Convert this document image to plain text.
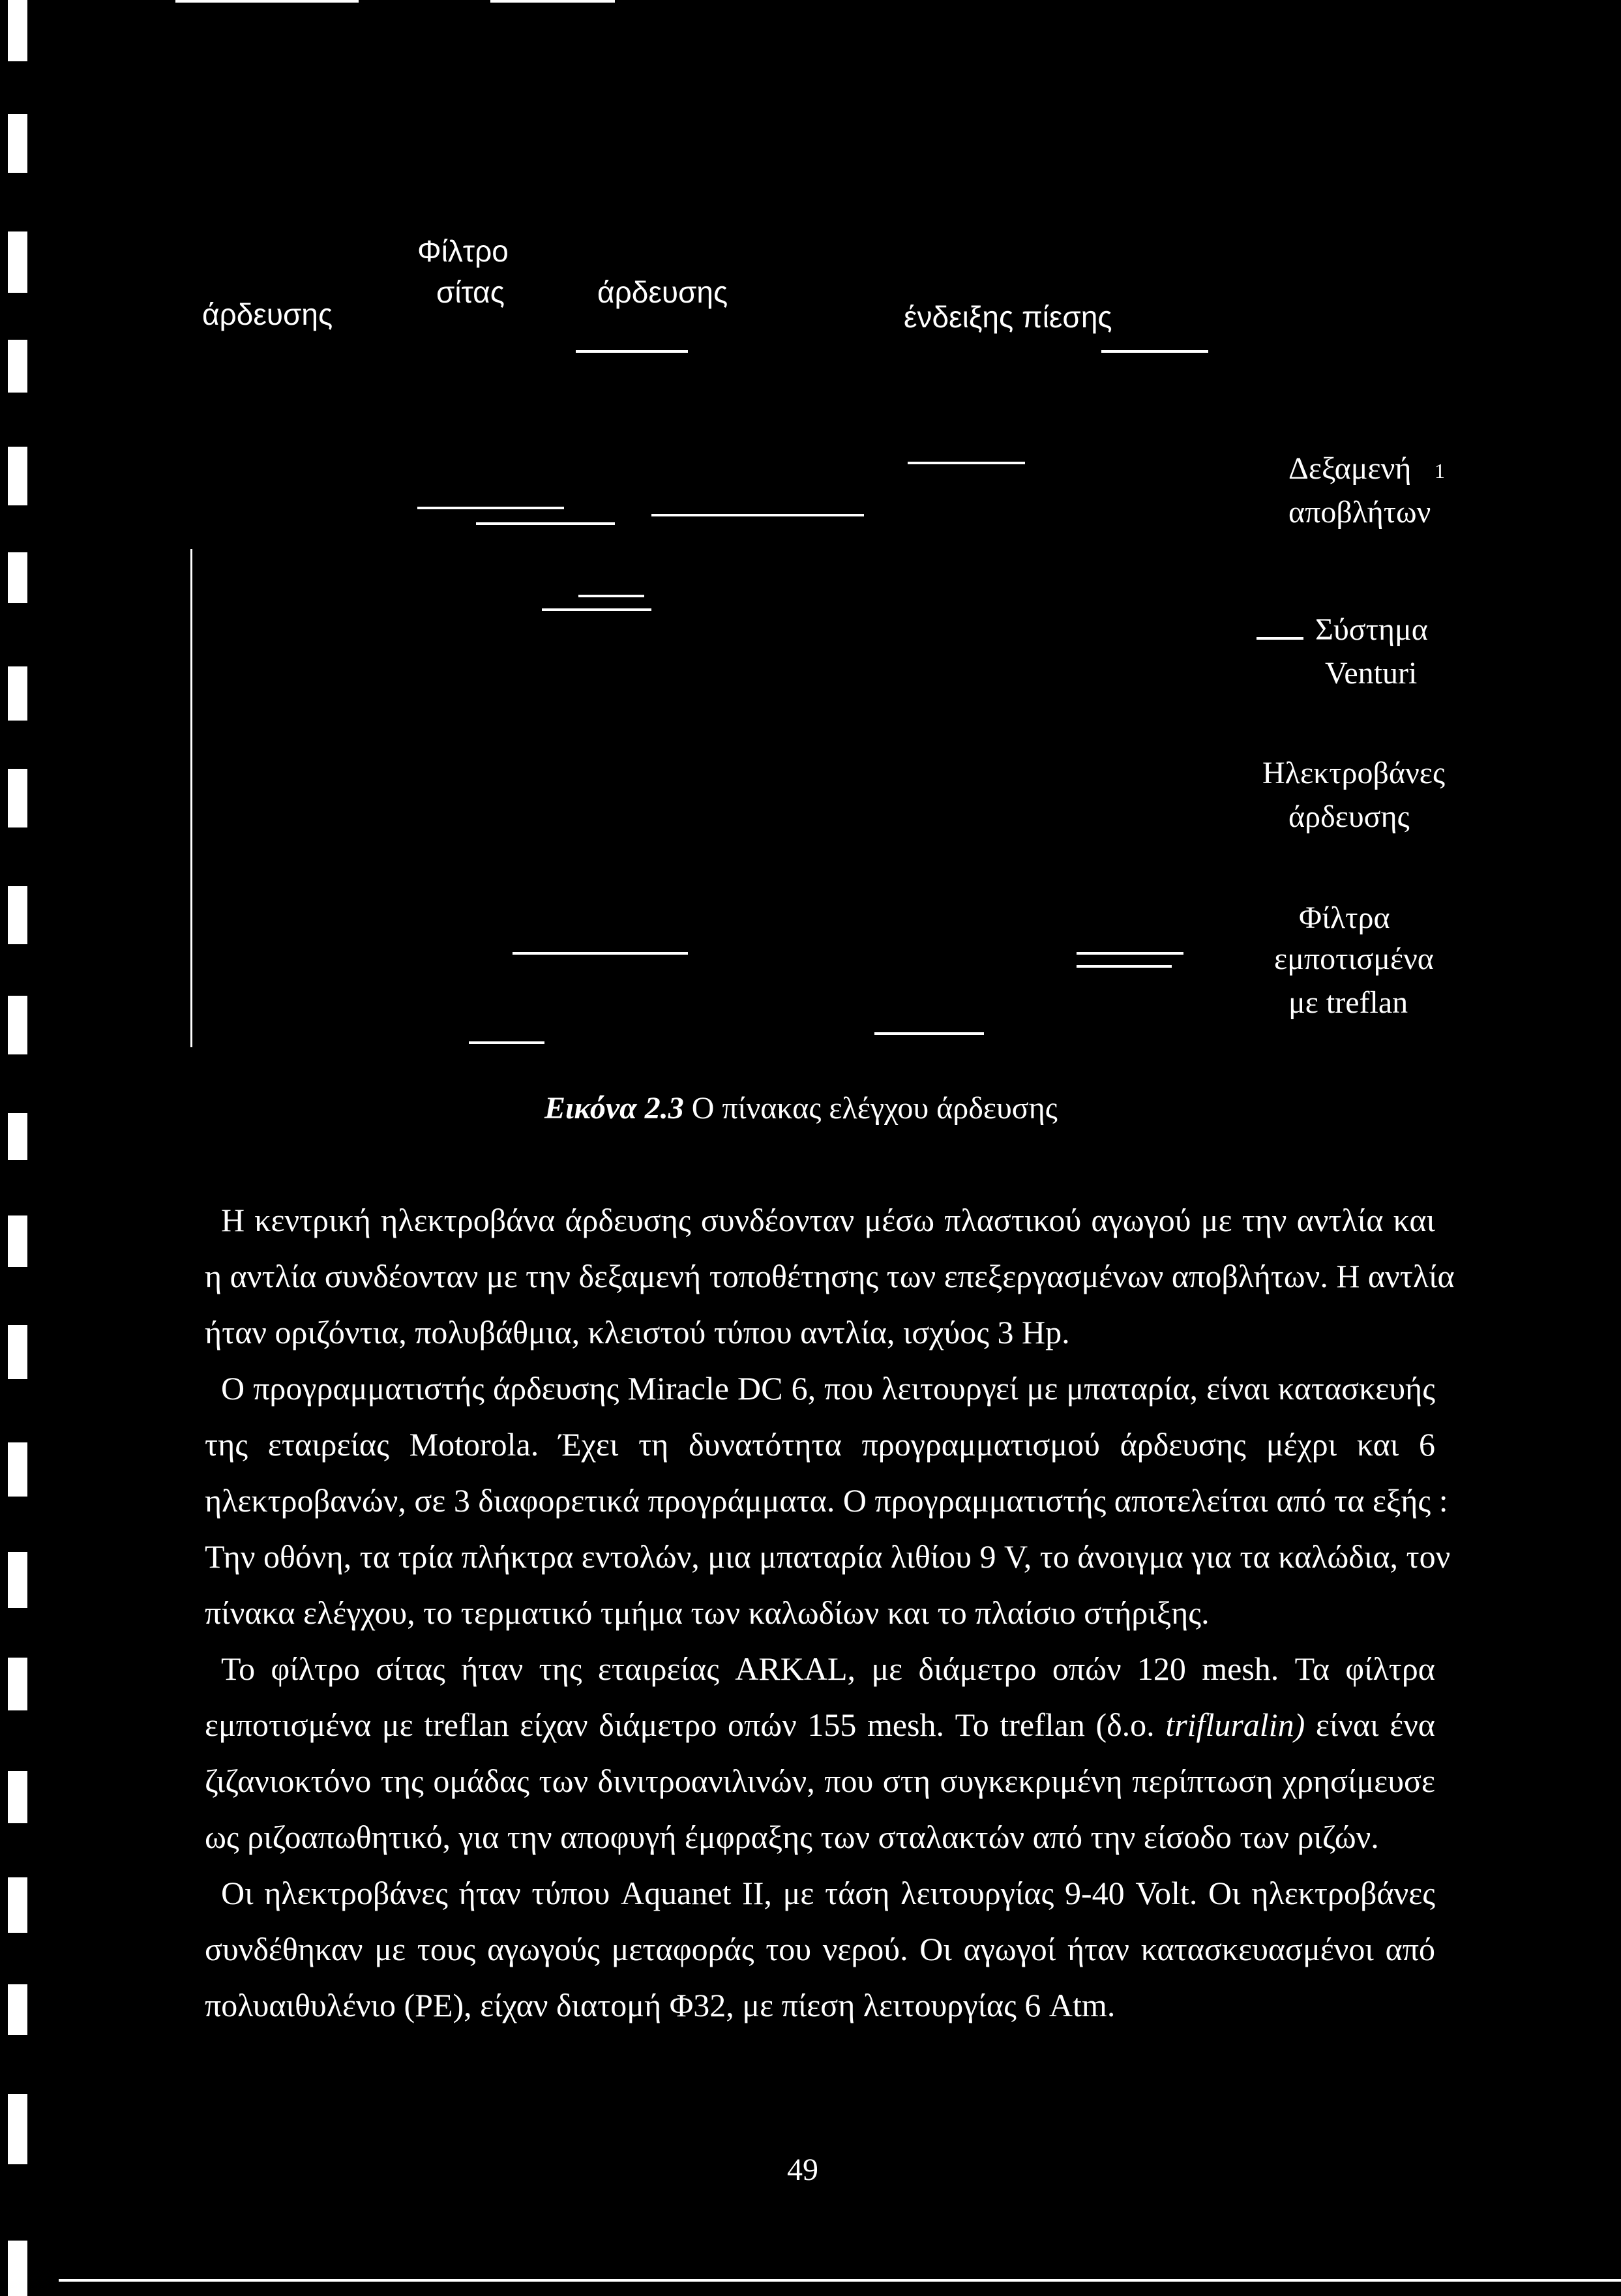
Φίλτρο
σίτας
άρδευσης
άρδευσης
ένδειξης πίεσης
Δεξαμενή 1
αποβλήτων
Σύστημα
Venturi
Ηλεκτροβάνες
άρδευσης
Φίλτρα
εμποτισμένα
με treflan
Εικόνα 2.3 Ο πίνακας ελέγχου άρδευσης
Η κεντρική ηλεκτροβάνα άρδευσης συνδέονταν μέσω πλαστικού αγωγού με την αντλία και
η αντλία συνδέονταν με την δεξαμενή τοποθέτησης των επεξεργασμένων αποβλήτων. Η αντλία
ήταν οριζόντια, πολυβάθμια, κλειστού τύπου αντλία, ισχύος 3 Hp.
Ο προγραμματιστής άρδευσης Miracle DC 6, που λειτουργεί με μπαταρία, είναι κατασκευής
της εταιρείας Motorola. Έχει τη δυνατότητα προγραμματισμού άρδευσης μέχρι και 6
ηλεκτροβανών, σε 3 διαφορετικά προγράμματα. Ο προγραμματιστής αποτελείται από τα εξής :
Την οθόνη, τα τρία πλήκτρα εντολών, μια μπαταρία λιθίου 9 V, το άνοιγμα για τα καλώδια, τον
πίνακα ελέγχου, το τερματικό τμήμα των καλωδίων και το πλαίσιο στήριξης.
Το φίλτρο σίτας ήταν της εταιρείας ARKAL, με διάμετρο οπών 120 mesh. Τα φίλτρα
εμποτισμένα με treflan είχαν διάμετρο οπών 155 mesh. Το treflan (δ.ο. trifluralin) είναι ένα
ζιζανιοκτόνο της ομάδας των δινιτροανιλινών, που στη συγκεκριμένη περίπτωση χρησίμευσε
ως ριζοαπωθητικό, για την αποφυγή έμφραξης των σταλακτών από την είσοδο των ριζών.
Οι ηλεκτροβάνες ήταν τύπου Aquanet II, με τάση λειτουργίας 9-40 Volt. Οι ηλεκτροβάνες
συνδέθηκαν με τους αγωγούς μεταφοράς του νερού. Οι αγωγοί ήταν κατασκευασμένοι από
πολυαιθυλένιο (PE), είχαν διατομή Φ32, με πίεση λειτουργίας 6 Atm.
49
